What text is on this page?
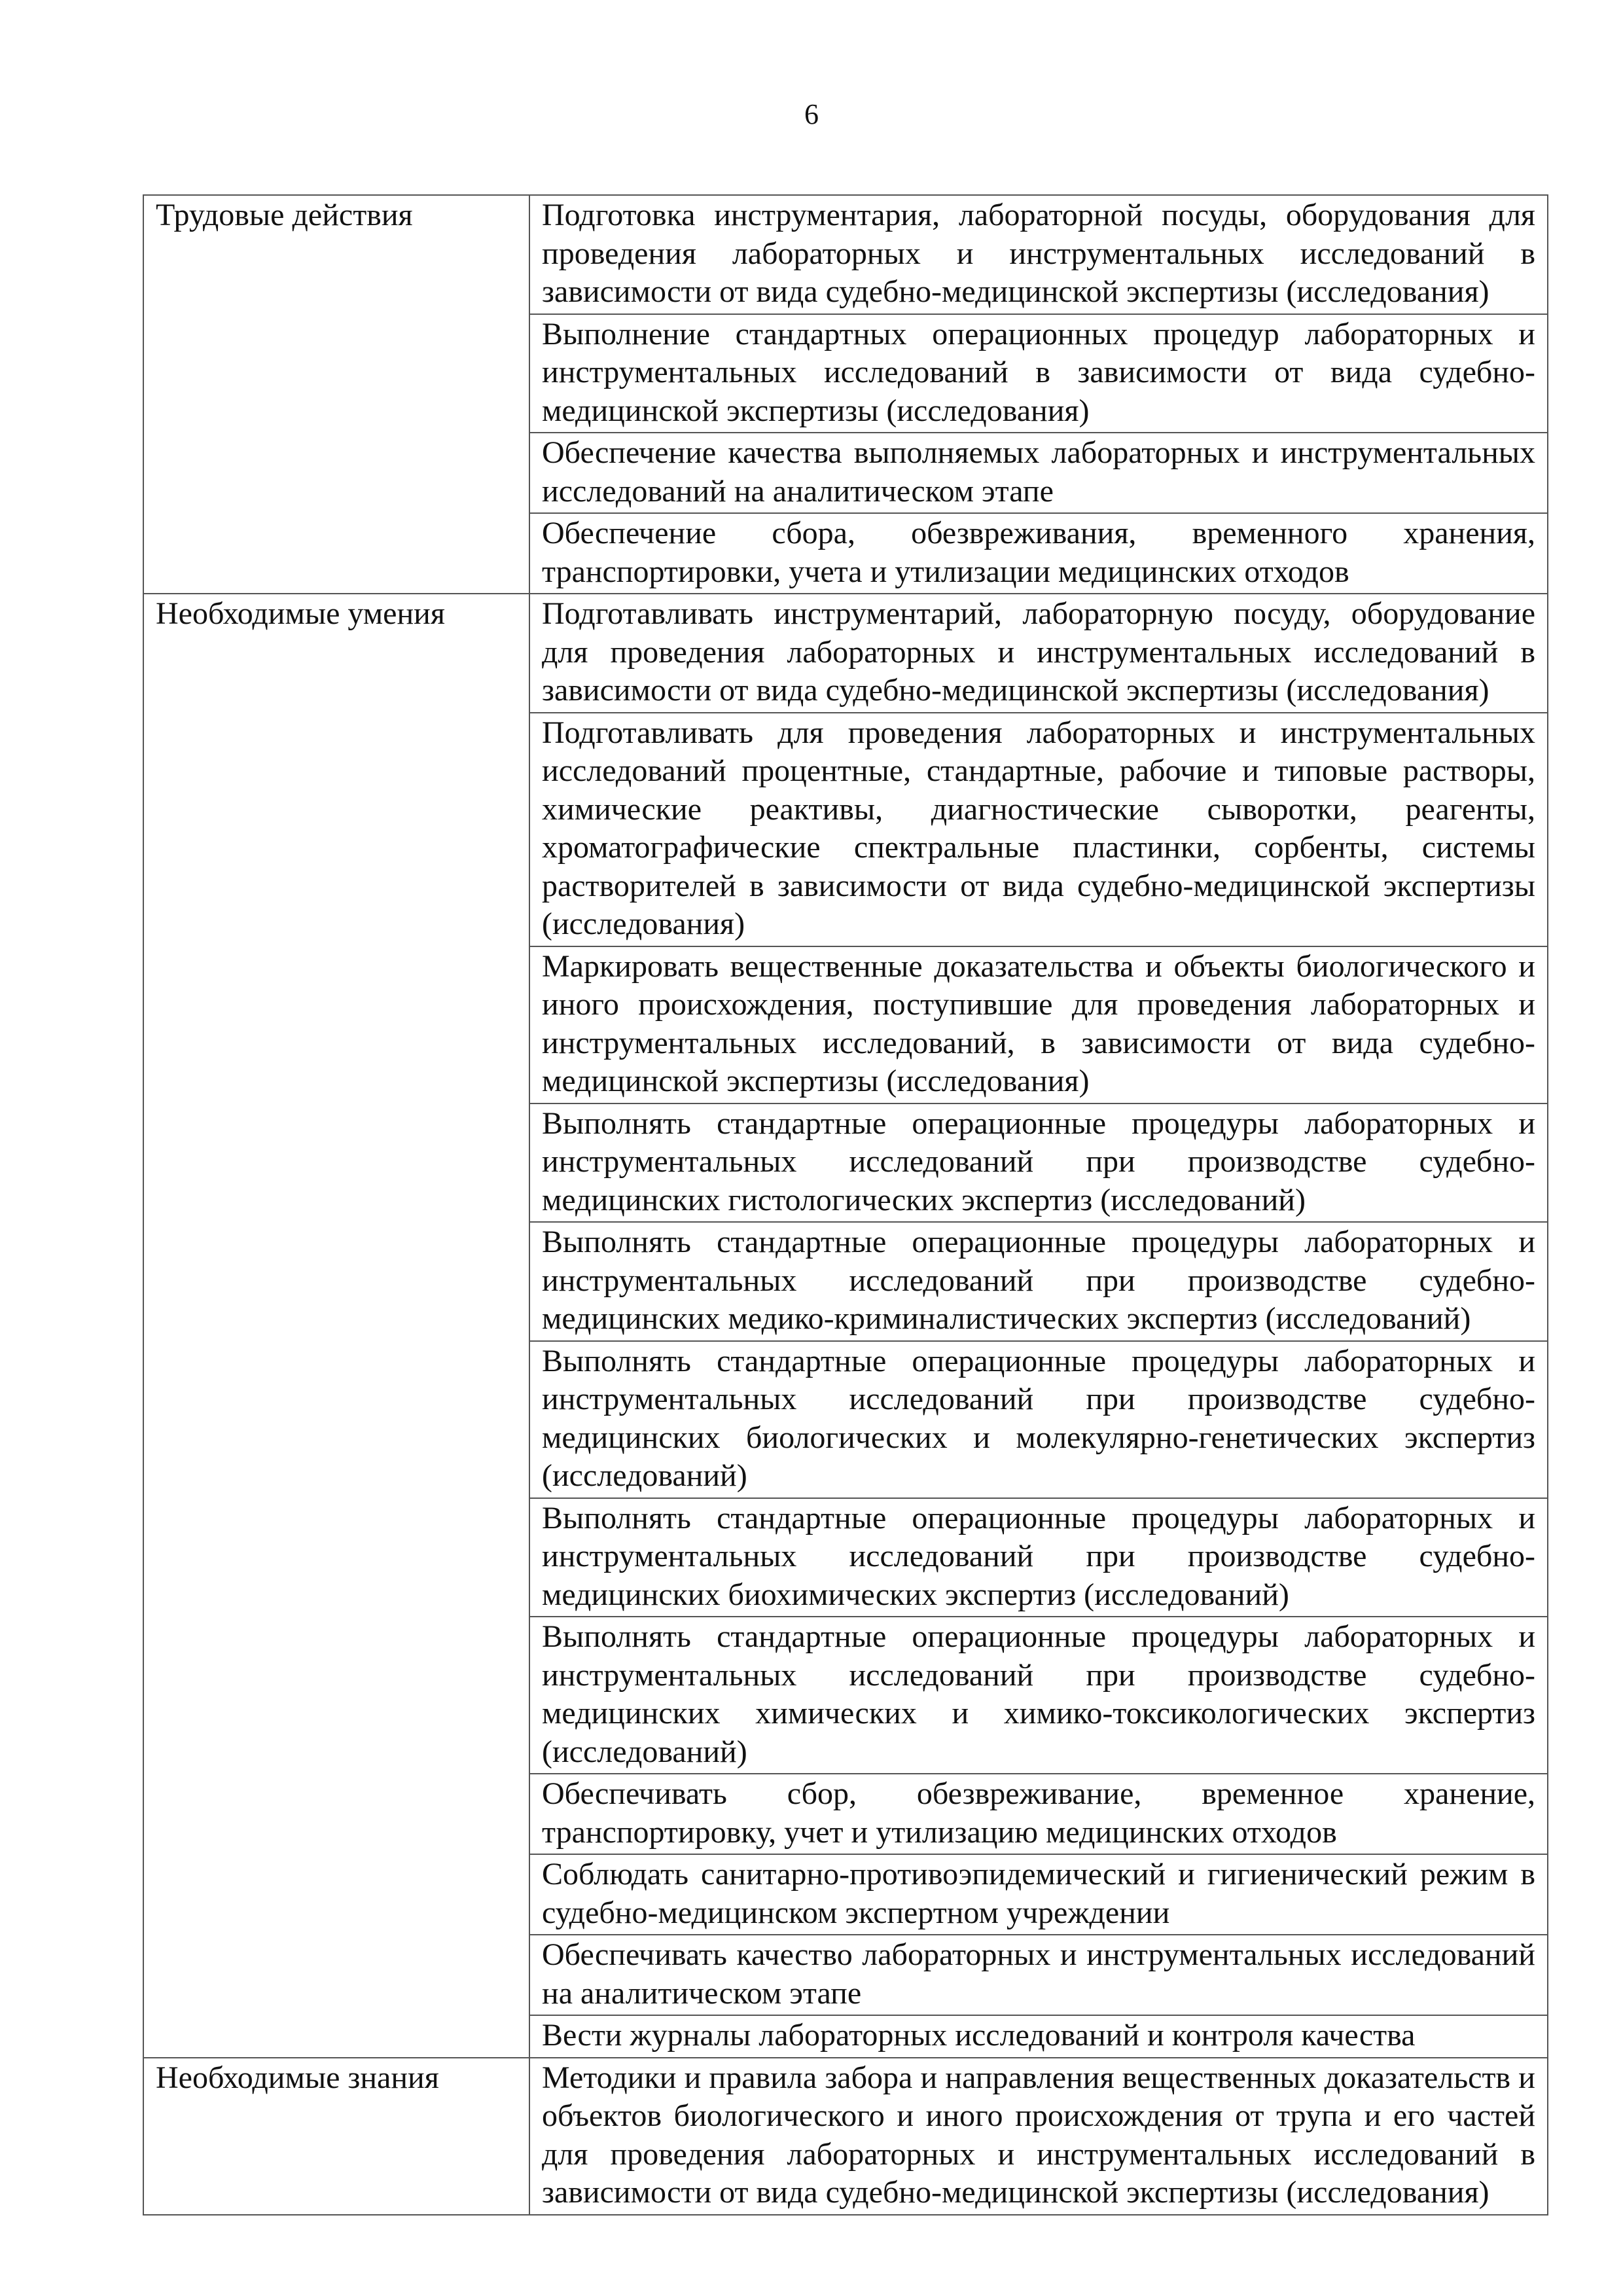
6
Трудовые действия	Подготовка инструментария, лабораторной посуды, оборудования для проведения лабораторных и инструментальных исследований в зависимости от вида судебно-медицинской экспертизы (исследования)
	Выполнение стандартных операционных процедур лабораторных и инструментальных исследований в зависимости от вида судебно-медицинской экспертизы (исследования)
	Обеспечение качества выполняемых лабораторных и инструментальных исследований на аналитическом этапе
	Обеспечение сбора, обезвреживания, временного хранения, транспортировки, учета и утилизации медицинских отходов
Необходимые умения	Подготавливать инструментарий, лабораторную посуду, оборудование для проведения лабораторных и инструментальных исследований в зависимости от вида судебно-медицинской экспертизы (исследования)
	Подготавливать для проведения лабораторных и инструментальных исследований процентные, стандартные, рабочие и типовые растворы, химические реактивы, диагностические сыворотки, реагенты, хроматографические спектральные пластинки, сорбенты, системы растворителей в зависимости от вида судебно-медицинской экспертизы (исследования)
	Маркировать вещественные доказательства и объекты биологического и иного происхождения, поступившие для проведения лабораторных и инструментальных исследований, в зависимости от вида судебно-медицинской экспертизы (исследования)
	Выполнять стандартные операционные процедуры лабораторных и инструментальных исследований при производстве судебно-медицинских гистологических экспертиз (исследований)
	Выполнять стандартные операционные процедуры лабораторных и инструментальных исследований при производстве судебно-медицинских медико-криминалистических экспертиз (исследований)
	Выполнять стандартные операционные процедуры лабораторных и инструментальных исследований при производстве судебно-медицинских биологических и молекулярно-генетических экспертиз (исследований)
	Выполнять стандартные операционные процедуры лабораторных и инструментальных исследований при производстве судебно-медицинских биохимических экспертиз (исследований)
	Выполнять стандартные операционные процедуры лабораторных и инструментальных исследований при производстве судебно-медицинских химических и химико-токсикологических экспертиз (исследований)
	Обеспечивать сбор, обезвреживание, временное хранение, транспортировку, учет и утилизацию медицинских отходов
	Соблюдать санитарно-противоэпидемический и гигиенический режим в судебно-медицинском экспертном учреждении
	Обеспечивать качество лабораторных и инструментальных исследований на аналитическом этапе
	Вести журналы лабораторных исследований и контроля качества
Необходимые знания	Методики и правила забора и направления вещественных доказательств и объектов биологического и иного происхождения от трупа и его частей для проведения лабораторных и инструментальных исследований в зависимости от вида судебно-медицинской экспертизы (исследования)
